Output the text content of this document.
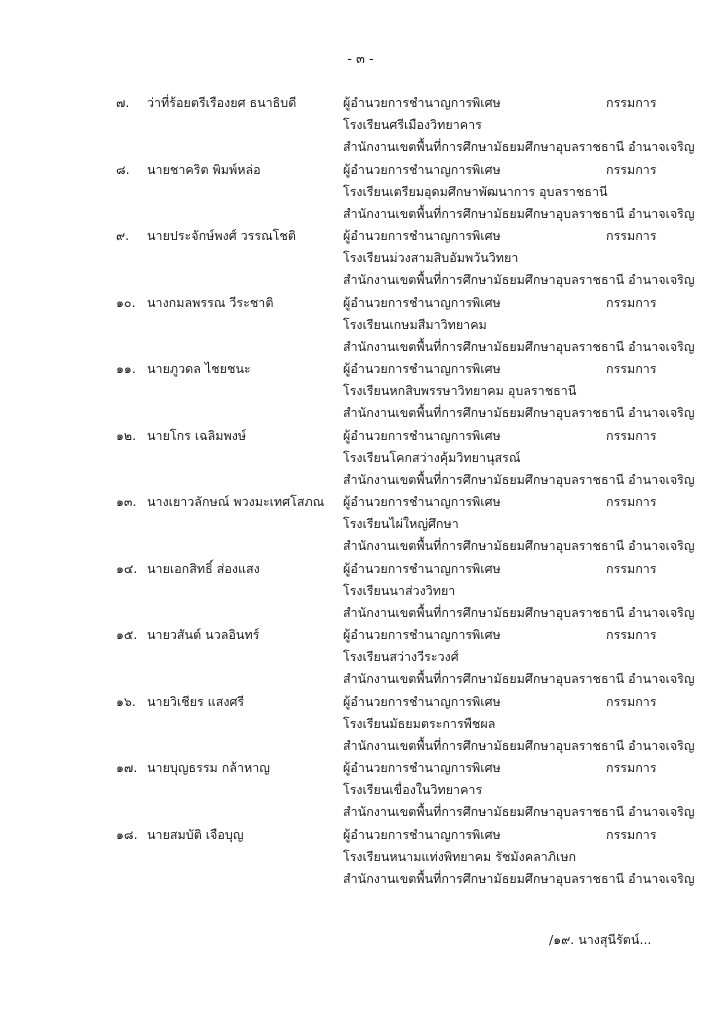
- ๓ -
๗. ว่าที่ร้อยตรีเรืองยศ ธนาธิบดี	ผู้อำนวยการชำนาญการพิเศษ	กรรมการ
โรงเรียนศรีเมืองวิทยาคาร
สำนักงานเขตพื้นที่การศึกษามัธยมศึกษาอุบลราชธานี อำนาจเจริญ
๘. นายชาคริต พิมพ์หล่อ	ผู้อำนวยการชำนาญการพิเศษ	กรรมการ
โรงเรียนเตรียมอุดมศึกษาพัฒนาการ อุบลราชธานี
สำนักงานเขตพื้นที่การศึกษามัธยมศึกษาอุบลราชธานี อำนาจเจริญ
๙. นายประจักษ์พงศ์ วรรณโชติ	ผู้อำนวยการชำนาญการพิเศษ	กรรมการ
โรงเรียนม่วงสามสิบอัมพวันวิทยา
สำนักงานเขตพื้นที่การศึกษามัธยมศึกษาอุบลราชธานี อำนาจเจริญ
๑๐. นางกมลพรรณ วีระชาติ	ผู้อำนวยการชำนาญการพิเศษ	กรรมการ
โรงเรียนเกษมสีมาวิทยาคม
สำนักงานเขตพื้นที่การศึกษามัธยมศึกษาอุบลราชธานี อำนาจเจริญ
๑๑. นายภูวดล ไชยชนะ	ผู้อำนวยการชำนาญการพิเศษ	กรรมการ
โรงเรียนหกสิบพรรษาวิทยาคม อุบลราชธานี
สำนักงานเขตพื้นที่การศึกษามัธยมศึกษาอุบลราชธานี อำนาจเจริญ
๑๒. นายโกร เฉลิมพงษ์	ผู้อำนวยการชำนาญการพิเศษ	กรรมการ
โรงเรียนโคกสว่างคุ้มวิทยานุสรณ์
สำนักงานเขตพื้นที่การศึกษามัธยมศึกษาอุบลราชธานี อำนาจเจริญ
๑๓. นางเยาวลักษณ์ พวงมะเทศโสภณ ผู้อำนวยการชำนาญการพิเศษ	กรรมการ
โรงเรียนไผ่ใหญ่ศึกษา
สำนักงานเขตพื้นที่การศึกษามัธยมศึกษาอุบลราชธานี อำนาจเจริญ
๑๔. นายเอกสิทธิ์ ส่องแสง	ผู้อำนวยการชำนาญการพิเศษ	กรรมการ
โรงเรียนนาส่วงวิทยา
สำนักงานเขตพื้นที่การศึกษามัธยมศึกษาอุบลราชธานี อำนาจเจริญ
๑๕. นายวสันต์ นวลอินทร์	ผู้อำนวยการชำนาญการพิเศษ	กรรมการ
โรงเรียนสว่างวีระวงศ์
สำนักงานเขตพื้นที่การศึกษามัธยมศึกษาอุบลราชธานี อำนาจเจริญ
๑๖. นายวิเชียร แสงศรี	ผู้อำนวยการชำนาญการพิเศษ	กรรมการ
โรงเรียนมัธยมตระการพืชผล
สำนักงานเขตพื้นที่การศึกษามัธยมศึกษาอุบลราชธานี อำนาจเจริญ
๑๗. นายบุญธรรม กล้าหาญ	ผู้อำนวยการชำนาญการพิเศษ	กรรมการ
โรงเรียนเขื่องในวิทยาคาร
สำนักงานเขตพื้นที่การศึกษามัธยมศึกษาอุบลราชธานี อำนาจเจริญ
๑๘. นายสมบัติ เจือบุญ	ผู้อำนวยการชำนาญการพิเศษ	กรรมการ
โรงเรียนหนามแท่งพิทยาคม รัชมังคลาภิเษก
สำนักงานเขตพื้นที่การศึกษามัธยมศึกษาอุบลราชธานี อำนาจเจริญ
/๑๙. นางสุนีรัตน์...
